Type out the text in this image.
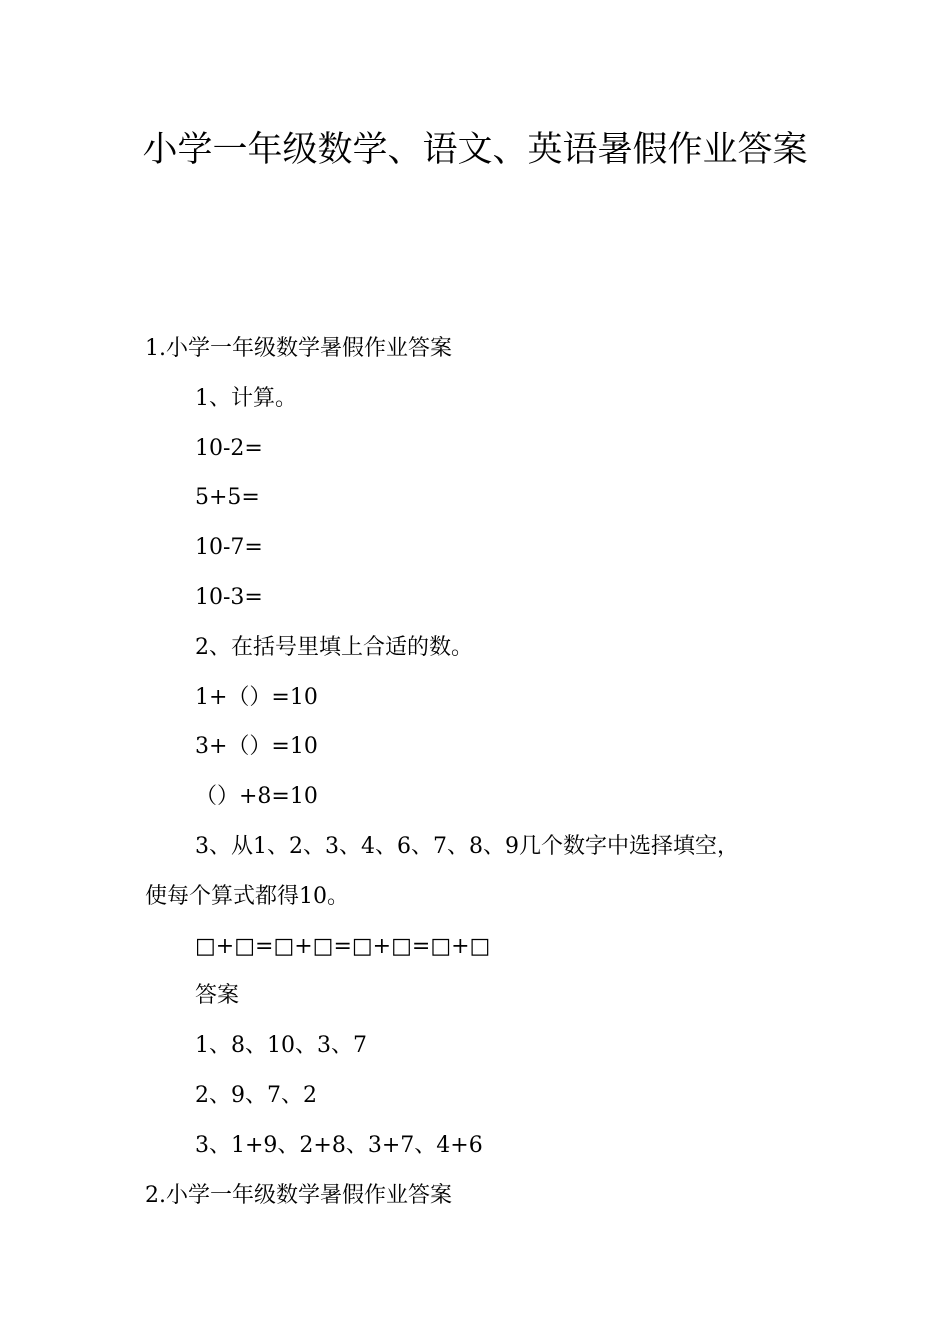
小学一年级数学、语文、英语暑假作业答案

1.小学一年级数学暑假作业答案

1、计算。

10-2=

5+5=

10-7=

10-3=

2、在括号里填上合适的数。

1+（）=10

3+（）=10

（）+8=10

3、从1、2、3、4、6、7、8、9几个数字中选择填空，

使每个算式都得10。

□+□=□+□=□+□=□+□

答案

1、8、10、3、7

2、9、7、2

3、1+9、2+8、3+7、4+6

2.小学一年级数学暑假作业答案
